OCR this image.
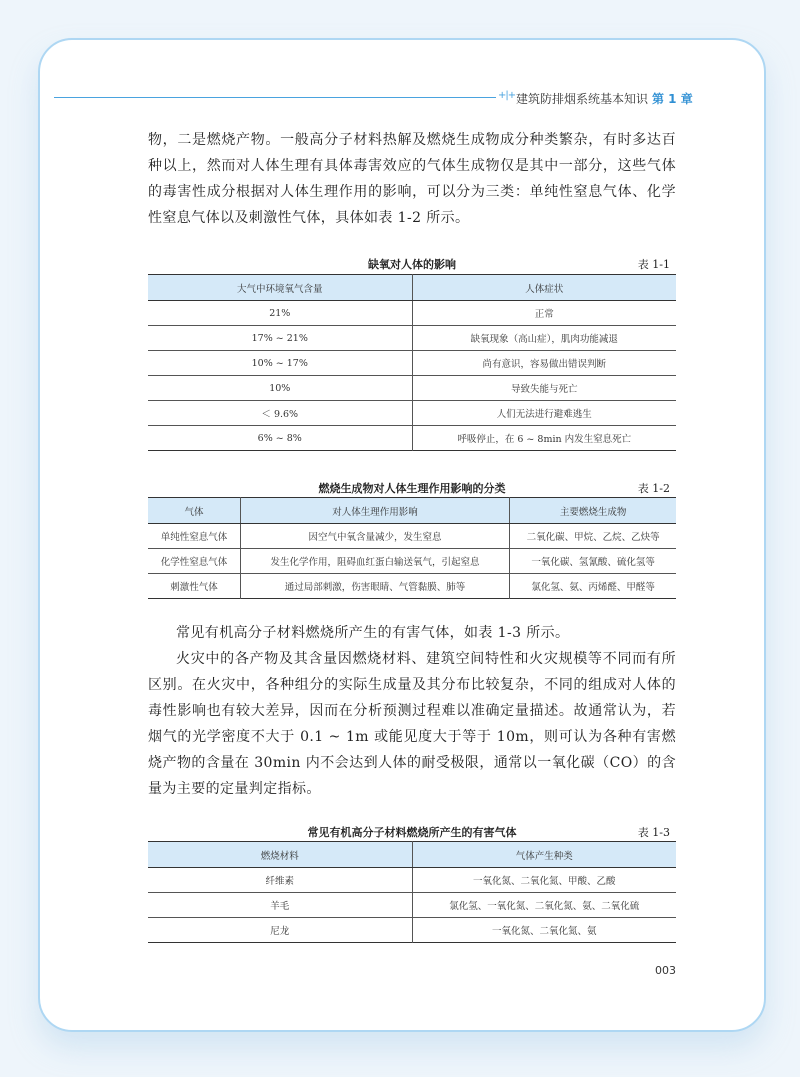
+|+ 建筑防排烟系统基本知识 第 1 章

物，二是燃烧产物。一般高分子材料热解及燃烧生成物成分种类繁杂，有时多达百种以上，然而对人体生理有具体毒害效应的气体生成物仅是其中一部分，这些气体的毒害性成分根据对人体生理作用的影响，可以分为三类：单纯性窒息气体、化学性窒息气体以及刺激性气体，具体如表 1-2 所示。

缺氧对人体的影响	表 1-1
大气中环境氧气含量	人体症状
21%	正常
17% ~ 21%	缺氧现象（高山症），肌肉功能减退
10% ~ 17%	尚有意识，容易做出错误判断
10%	导致失能与死亡
＜ 9.6%	人们无法进行避难逃生
6% ~ 8%	呼吸停止，在 6 ~ 8min 内发生窒息死亡
燃烧生成物对人体生理作用影响的分类	表 1-2
气体	对人体生理作用影响	主要燃烧生成物
单纯性窒息气体	因空气中氧含量减少，发生窒息	二氧化碳、甲烷、乙烷、乙炔等
化学性窒息气体	发生化学作用，阻碍血红蛋白输送氧气，引起窒息	一氧化碳、氢氰酸、硫化氢等
刺激性气体	通过局部刺激，伤害眼睛、气管黏膜、肺等	氯化氢、氨、丙烯醛、甲醛等

常见有机高分子材料燃烧所产生的有害气体，如表 1-3 所示。

火灾中的各产物及其含量因燃烧材料、建筑空间特性和火灾规模等不同而有所区别。在火灾中，各种组分的实际生成量及其分布比较复杂，不同的组成对人体的毒性影响也有较大差异，因而在分析预测过程难以准确定量描述。故通常认为，若烟气的光学密度不大于 0.1 ~ 1m 或能见度大于等于 10m，则可认为各种有害燃烧产物的含量在 30min 内不会达到人体的耐受极限，通常以一氧化碳（CO）的含量为主要的定量判定指标。

常见有机高分子材料燃烧所产生的有害气体	表 1-3
燃烧材料	气体产生种类
纤维素	一氧化氮、二氧化氮、甲酸、乙酸
羊毛	氯化氢、一氧化氮、二氧化氮、氨、二氧化硫
尼龙	一氧化氮、二氧化氮、氨
003
